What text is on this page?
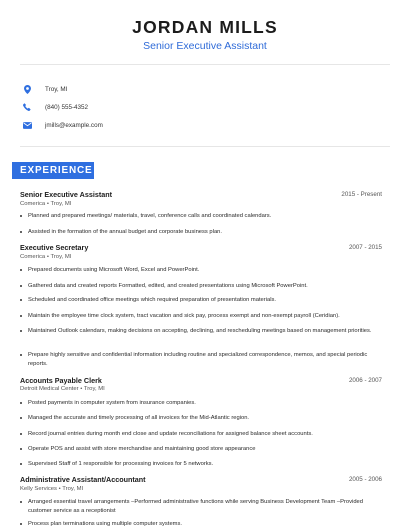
JORDAN MILLS
Senior Executive Assistant
Troy, MI
(840) 555-4352
jmills@example.com
EXPERIENCE
Senior Executive Assistant	2015 - Present
Comerica • Troy, MI
Planned and prepared meetings/ materials, travel, conference calls and coordinated calendars.
Assisted in the formation of the annual budget and corporate business plan.
Executive Secretary	2007 - 2015
Comerica • Troy, MI
Prepared documents using Microsoft Word, Excel and PowerPoint.
Gathered data and created reports Formatted, edited, and created presentations using Microsoft PowerPoint.
Scheduled and coordinated office meetings which required preparation of presentation materials.
Maintain the employee time clock system, tract vacation and sick pay, process exempt and non-exempt payroll (Ceridian).
Maintained Outlook calendars, making decisions on accepting, declining, and rescheduling meetings based on management priorities.
Prepare highly sensitive and confidential information including routine and specialized correspondence, memos, and special periodic reports.
Accounts Payable Clerk	2006 - 2007
Detroit Medical Center • Troy, MI
Posted payments in computer system from insurance companies.
Managed the accurate and timely processing of all invoices for the Mid-Atlantic region.
Record journal entries during month end close and update reconciliations for assigned balance sheet accounts.
Operate POS and assist with store merchandise and maintaining good store appearance
Supervised Staff of 1 responsible for processing invoices for 5 networks.
Administrative Assistant/Accountant	2005 - 2006
Kelly Services • Troy, MI
Arranged essential travel arrangements –Performed administrative functions while serving Business Development Team –Provided customer service as a receptionist
Process plan terminations using multiple computer systems.
